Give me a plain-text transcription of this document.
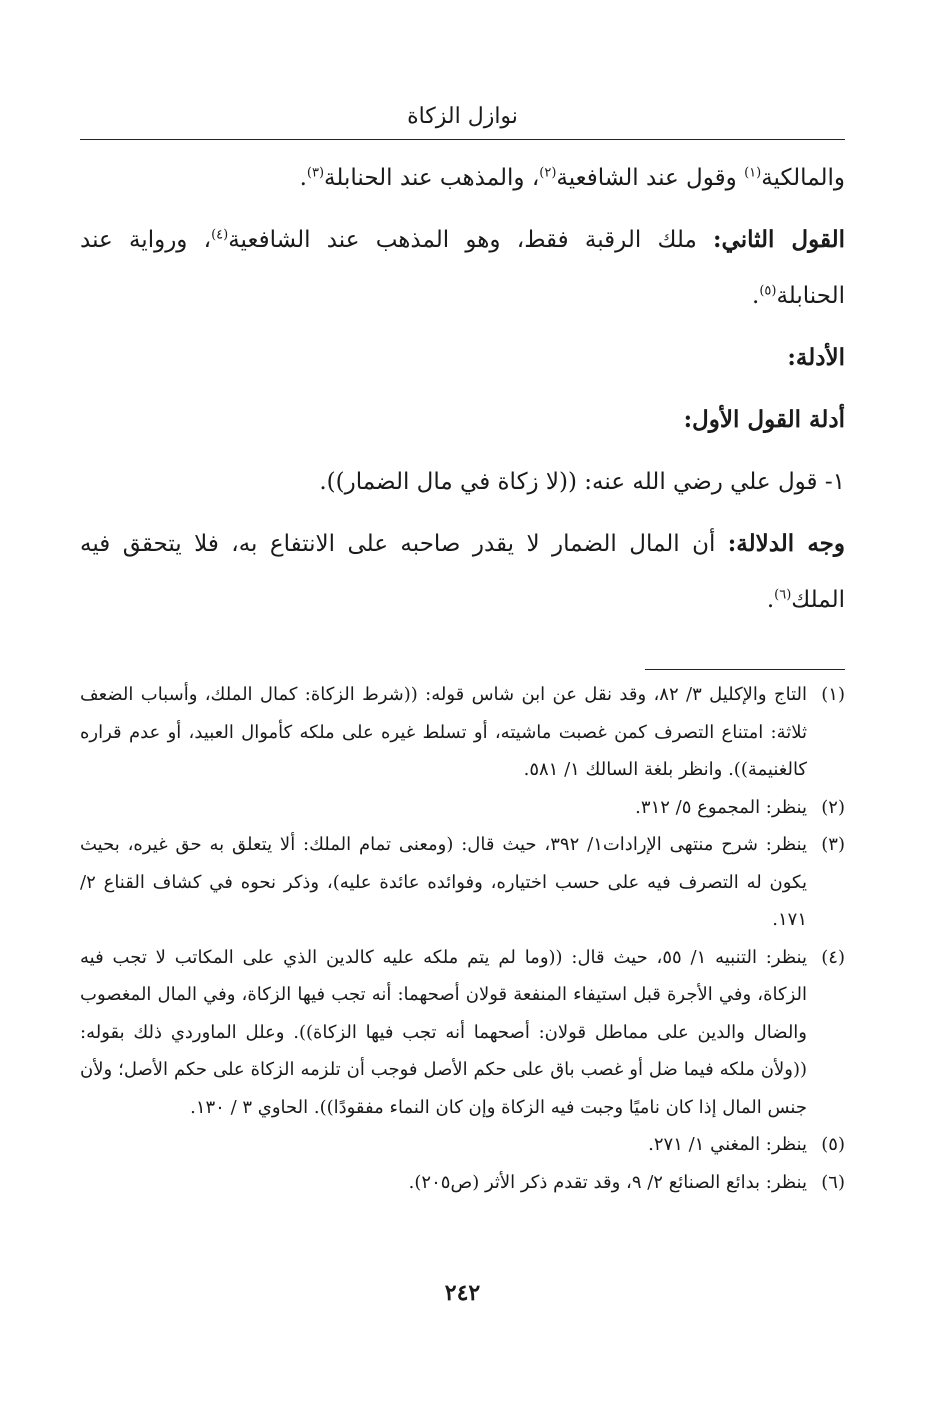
نوازل الزكاة

والمالكية$^{(١)}$ وقول عند الشافعية$^{(٢)}$، والمذهب عند الحنابلة$^{(٣)}$.

القول الثاني: ملك الرقبة فقط، وهو المذهب عند الشافعية$^{(٤)}$، ورواية عند الحنابلة$^{(٥)}$.

الأدلة:

أدلة القول الأول:

١- قول علي رضي الله عنه: ((لا زكاة في مال الضمار)).

وجه الدلالة: أن المال الضمار لا يقدر صاحبه على الانتفاع به، فلا يتحقق فيه الملك$^{(٦)}$.

(١)
التاج والإكليل ٣/ ٨٢، وقد نقل عن ابن شاس قوله: ((شرط الزكاة: كمال الملك، وأسباب الضعف ثلاثة: امتناع التصرف كمن غصبت ماشيته، أو تسلط غيره على ملكه كأموال العبيد، أو عدم قراره كالغنيمة)). وانظر بلغة السالك ١/ ٥٨١.
(٢)
ينظر: المجموع ٥/ ٣١٢.
(٣)
ينظر: شرح منتهى الإرادات١/ ٣٩٢، حيث قال: (ومعنى تمام الملك: ألا يتعلق به حق غيره، بحيث يكون له التصرف فيه على حسب اختياره، وفوائده عائدة عليه)، وذكر نحوه في كشاف القناع ٢/ ١٧١.
(٤)
ينظر: التنبيه ١/ ٥٥، حيث قال: ((وما لم يتم ملكه عليه كالدين الذي على المكاتب لا تجب فيه الزكاة، وفي الأجرة قبل استيفاء المنفعة قولان أصحهما: أنه تجب فيها الزكاة، وفي المال المغصوب والضال والدين على مماطل قولان: أصحهما أنه تجب فيها الزكاة)). وعلل الماوردي ذلك بقوله: ((ولأن ملكه فيما ضل أو غصب باق على حكم الأصل فوجب أن تلزمه الزكاة على حكم الأصل؛ ولأن جنس المال إذا كان ناميًا وجبت فيه الزكاة وإن كان النماء مفقودًا)). الحاوي ٣ / ١٣٠.
(٥)
ينظر: المغني ١/ ٢٧١.
(٦)
ينظر: بدائع الصنائع ٢/ ٩، وقد تقدم ذكر الأثر (ص٢٠٥).
٢٤٢
